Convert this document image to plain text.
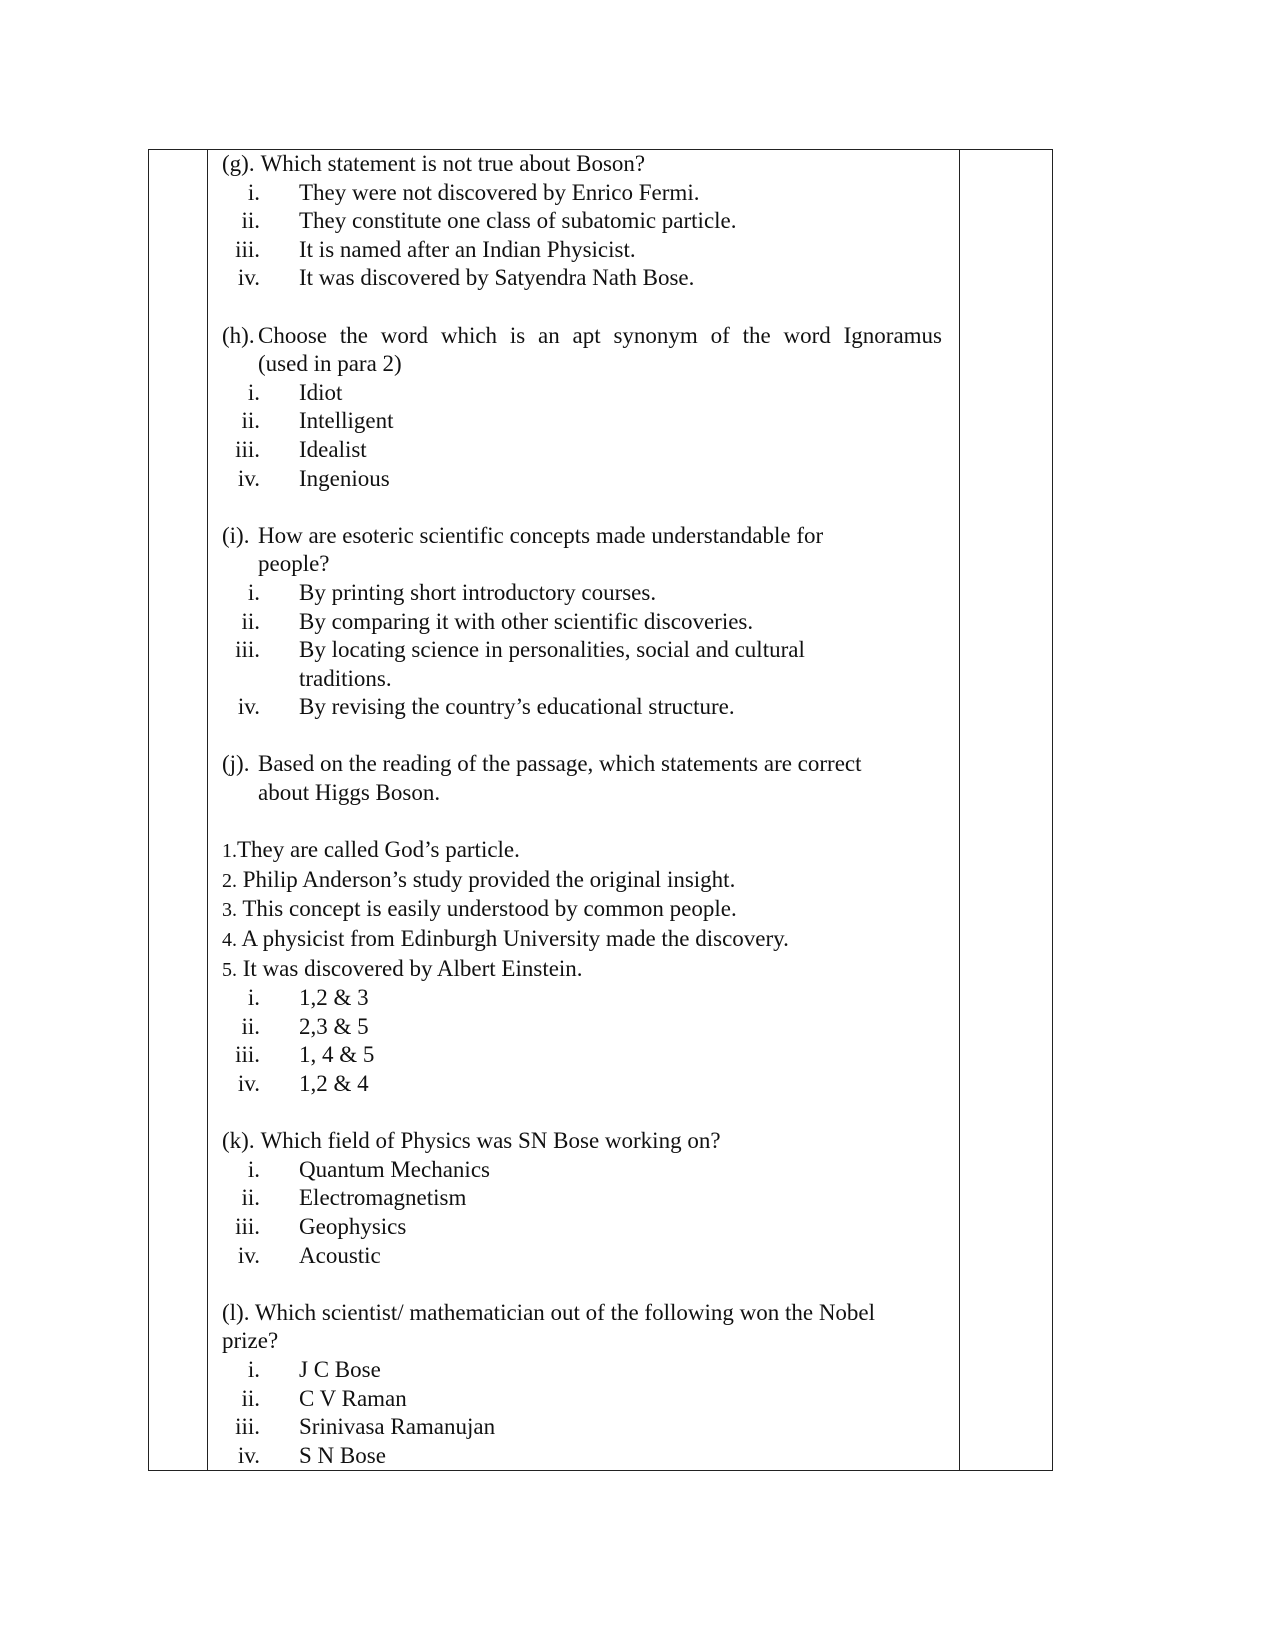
(g). Which statement is not true about Boson?
i. They were not discovered by Enrico Fermi.
ii. They constitute one class of subatomic particle.
iii. It is named after an Indian Physicist.
iv. It was discovered by Satyendra Nath Bose.
(h). Choose the word which is an apt synonym of the word Ignoramus
(used in para 2)
i. Idiot
ii. Intelligent
iii. Idealist
iv. Ingenious
(i). How are esoteric scientific concepts made understandable for
people?
i. By printing short introductory courses.
ii. By comparing it with other scientific discoveries.
iii. By locating science in personalities, social and cultural traditions.
iv. By revising the country’s educational structure.
(j). Based on the reading of the passage, which statements are correct
about Higgs Boson.
1.They are called God’s particle.
2. Philip Anderson’s study provided the original insight.
3. This concept is easily understood by common people.
4. A physicist from Edinburgh University made the discovery.
5. It was discovered by Albert Einstein.
i. 1,2 & 3
ii. 2,3 & 5
iii. 1, 4 & 5
iv. 1,2 & 4
(k). Which field of Physics was SN Bose working on?
i. Quantum Mechanics
ii. Electromagnetism
iii. Geophysics
iv. Acoustic
(l). Which scientist/ mathematician out of the following won the Nobel prize?
i. J C Bose
ii. C V Raman
iii. Srinivasa Ramanujan
iv. S N Bose
